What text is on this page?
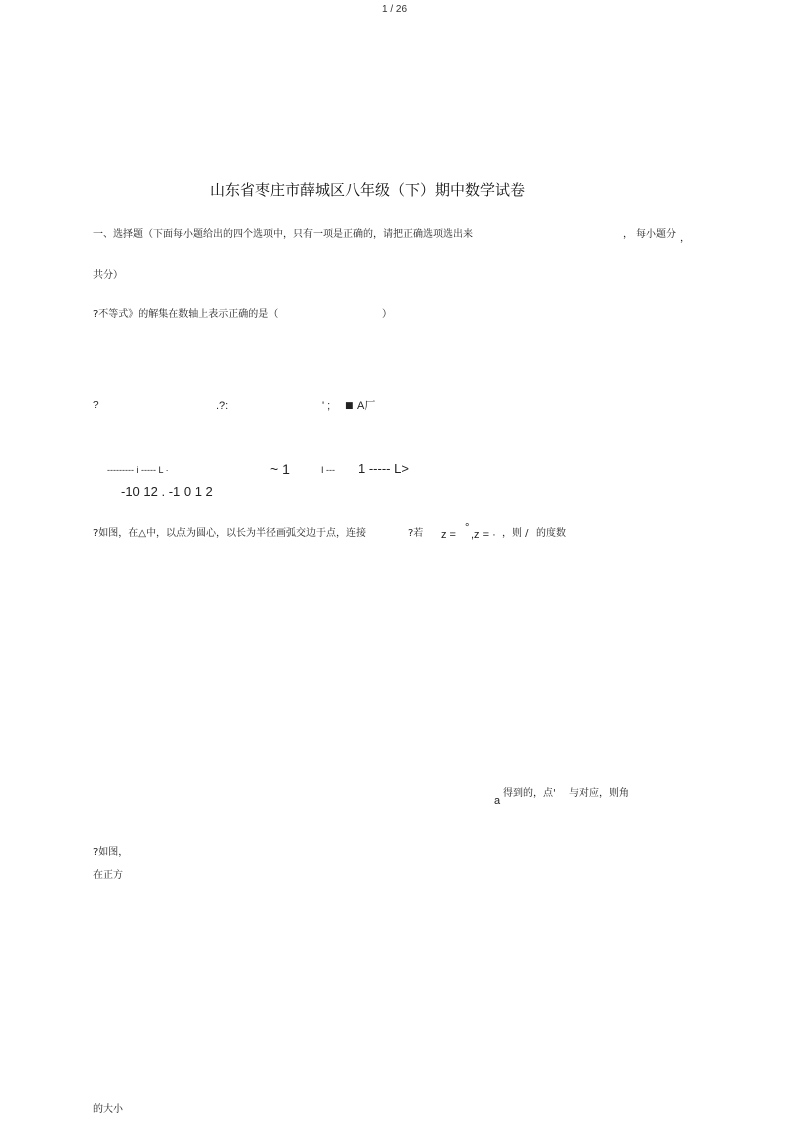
1 / 26
山东省枣庄市薛城区八年级（下）期中数学试卷
一、选择题（下面每小题给出的四个选项中，只有一项是正确的，请把正确选项选出来	， 每小题分 ，
共分）
?不等式》的解集在数轴上表示正确的是（	）
?	.?:	' ; ■ A厂
--------- i ----- L ·	~ 1	I --- 1 ----- L>
-10 12 . -1 0 1 2
?如图，在△中，以点为圆心，以长为半径画弧交边于点，连接	?若 z =
°
,z = · ，则 / 的度数
a
得到的，点' 与对应，则角
?如图，
在正方
的大小
